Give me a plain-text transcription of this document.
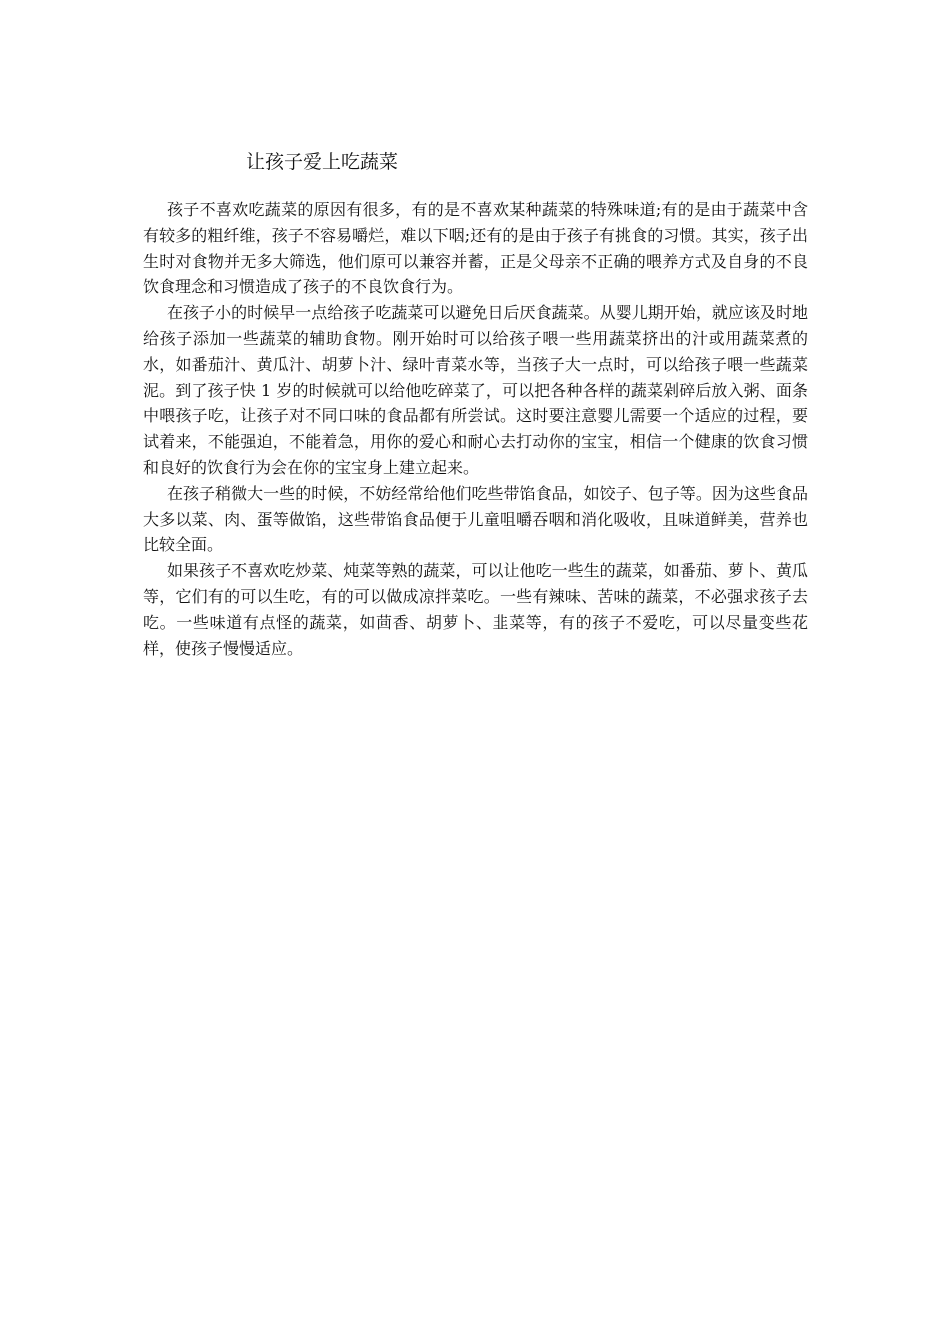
让孩子爱上吃蔬菜

孩子不喜欢吃蔬菜的原因有很多，有的是不喜欢某种蔬菜的特殊味道;有的是由于蔬菜中含有较多的粗纤维，孩子不容易嚼烂，难以下咽;还有的是由于孩子有挑食的习惯。其实，孩子出生时对食物并无多大筛选，他们原可以兼容并蓄，正是父母亲不正确的喂养方式及自身的不良饮食理念和习惯造成了孩子的不良饮食行为。

在孩子小的时候早一点给孩子吃蔬菜可以避免日后厌食蔬菜。从婴儿期开始，就应该及时地给孩子添加一些蔬菜的辅助食物。刚开始时可以给孩子喂一些用蔬菜挤出的汁或用蔬菜煮的水，如番茄汁、黄瓜汁、胡萝卜汁、绿叶青菜水等，当孩子大一点时，可以给孩子喂一些蔬菜泥。到了孩子快 1 岁的时候就可以给他吃碎菜了，可以把各种各样的蔬菜剁碎后放入粥、面条中喂孩子吃，让孩子对不同口味的食品都有所尝试。这时要注意婴儿需要一个适应的过程，要试着来，不能强迫，不能着急，用你的爱心和耐心去打动你的宝宝，相信一个健康的饮食习惯和良好的饮食行为会在你的宝宝身上建立起来。

在孩子稍微大一些的时候，不妨经常给他们吃些带馅食品，如饺子、包子等。因为这些食品大多以菜、肉、蛋等做馅，这些带馅食品便于儿童咀嚼吞咽和消化吸收，且味道鲜美，营养也比较全面。

如果孩子不喜欢吃炒菜、炖菜等熟的蔬菜，可以让他吃一些生的蔬菜，如番茄、萝卜、黄瓜等，它们有的可以生吃，有的可以做成凉拌菜吃。一些有辣味、苦味的蔬菜，不必强求孩子去吃。一些味道有点怪的蔬菜，如茴香、胡萝卜、韭菜等，有的孩子不爱吃，可以尽量变些花样，使孩子慢慢适应。
